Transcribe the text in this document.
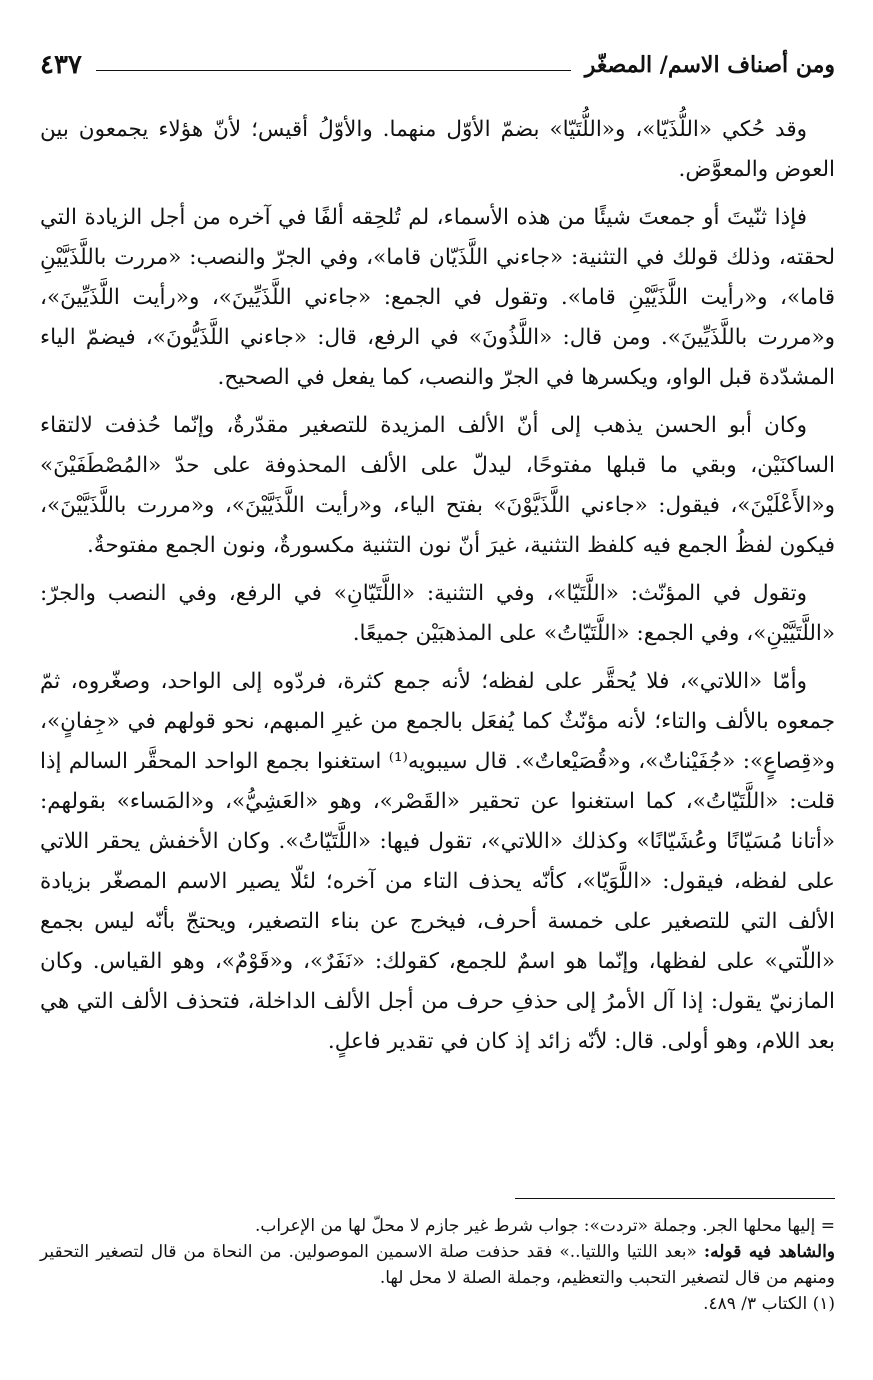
ومن أصناف الاسم/ المصغّر
٤٣٧

وقد حُكي «اللُّذَيّا»، و«اللُّتَيّا» بضمّ الأوّل منهما. والأوّلُ أقيس؛ لأنّ هؤلاء يجمعون بين العوض والمعوَّض.

فإذا ثنّيتَ أو جمعتَ شيئًا من هذه الأسماء، لم تُلحِقه ألفًا في آخره من أجل الزيادة التي لحقته، وذلك قولك في التثنية: «جاءني اللَّذَيّان قاما»، وفي الجرّ والنصب: «مررت باللَّذَيَّيْنِ قاما»، و«رأيت اللَّذَيَّيْنِ قاما». وتقول في الجمع: «جاءني اللَّذَيِّينَ»، و«رأيت اللَّذَيِّينَ»، و«مررت باللَّذَيِّينَ». ومن قال: «اللَّذُونَ» في الرفع، قال: «جاءني اللَّذَيُّونَ»، فيضمّ الياء المشدّدة قبل الواو، ويكسرها في الجرّ والنصب، كما يفعل في الصحيح.

وكان أبو الحسن يذهب إلى أنّ الألف المزيدة للتصغير مقدّرةٌ، وإنّما حُذفت لالتقاء الساكنَيْن، وبقي ما قبلها مفتوحًا، ليدلّ على الألف المحذوفة على حدّ «المُصْطَفَيْنَ» و«الأَعْلَيْنَ»، فيقول: «جاءني اللَّذَيَّوْنَ» بفتح الياء، و«رأيت اللَّذَيَّيْنَ»، و«مررت باللَّذَيَّيْنَ»، فيكون لفظُ الجمع فيه كلفظ التثنية، غيرَ أنّ نون التثنية مكسورةٌ، ونون الجمع مفتوحةٌ.

وتقول في المؤنّث: «اللَّتَيّا»، وفي التثنية: «اللَّتَيّانِ» في الرفع، وفي النصب والجرّ: «اللَّتَيَّيْنِ»، وفي الجمع: «اللَّتَيّاتُ» على المذهبَيْن جميعًا.

وأمّا «اللاتي»، فلا يُحقَّر على لفظه؛ لأنه جمع كثرة، فردّوه إلى الواحد، وصغّروه، ثمّ جمعوه بالألف والتاء؛ لأنه مؤنّثٌ كما يُفعَل بالجمع من غيرِ المبهم، نحو قولهم في «جِفانٍ»، و«قِصاعٍ»: «جُفَيْناتٌ»، و«قُصَيْعاتٌ». قال سيبويه⁽¹⁾ استغنوا بجمع الواحد المحقَّر السالم إذا قلت: «اللَّتَيّاتُ»، كما استغنوا عن تحقير «القَصْر»، وهو «العَشِيُّ»، و«المَساء» بقولهم: «أتانا مُسَيّانًا وعُشَيّانًا» وكذلك «اللاتي»، تقول فيها: «اللَّتَيّاتُ». وكان الأخفش يحقر اللاتي على لفظه، فيقول: «اللَّوَيّا»، كأنّه يحذف التاء من آخره؛ لئلّا يصير الاسم المصغّر بزيادة الألف التي للتصغير على خمسة أحرف، فيخرج عن بناء التصغير، ويحتجّ بأنّه ليس بجمع «اللّتي» على لفظها، وإنّما هو اسمٌ للجمع، كقولك: «نَفَرٌ»، و«قَوْمٌ»، وهو القياس. وكان المازنيّ يقول: إذا آل الأمرُ إلى حذفِ حرف من أجل الألف الداخلة، فتحذف الألف التي هي بعد اللام، وهو أولى. قال: لأنّه زائد إذ كان في تقدير فاعلٍ.

= إليها محلها الجر. وجملة «تردت»: جواب شرط غير جازم لا محلّ لها من الإعراب.

والشاهد فيه قوله: «بعد اللتيا واللتيا..» فقد حذفت صلة الاسمين الموصولين. من النحاة من قال لتصغير التحقير ومنهم من قال لتصغير التحبب والتعظيم، وجملة الصلة لا محل لها.

(١) الكتاب ٣/ ٤٨٩.
